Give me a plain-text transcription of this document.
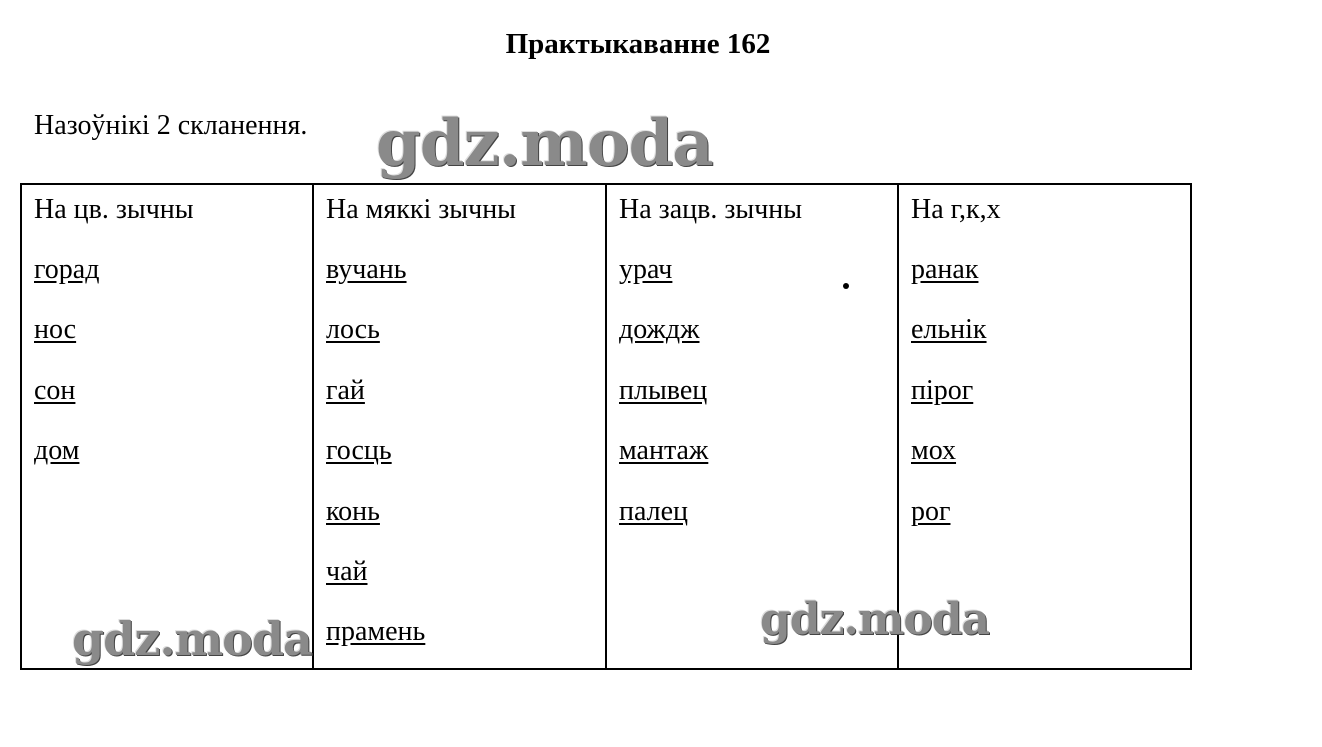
Практыкаванне 162
Назоўнікі 2 скланення.
На цв. зычны
горад
нос
сон
дом
На мяккі зычны
вучань
лось
гай
госць
конь
чай
прамень
На зацв. зычны
урач
дождж
плывец
мантаж
палец
На г,к,х
ранак
ельнік
пірог
мох
рог
gdz.moda
gdz.moda	gdz.moda
